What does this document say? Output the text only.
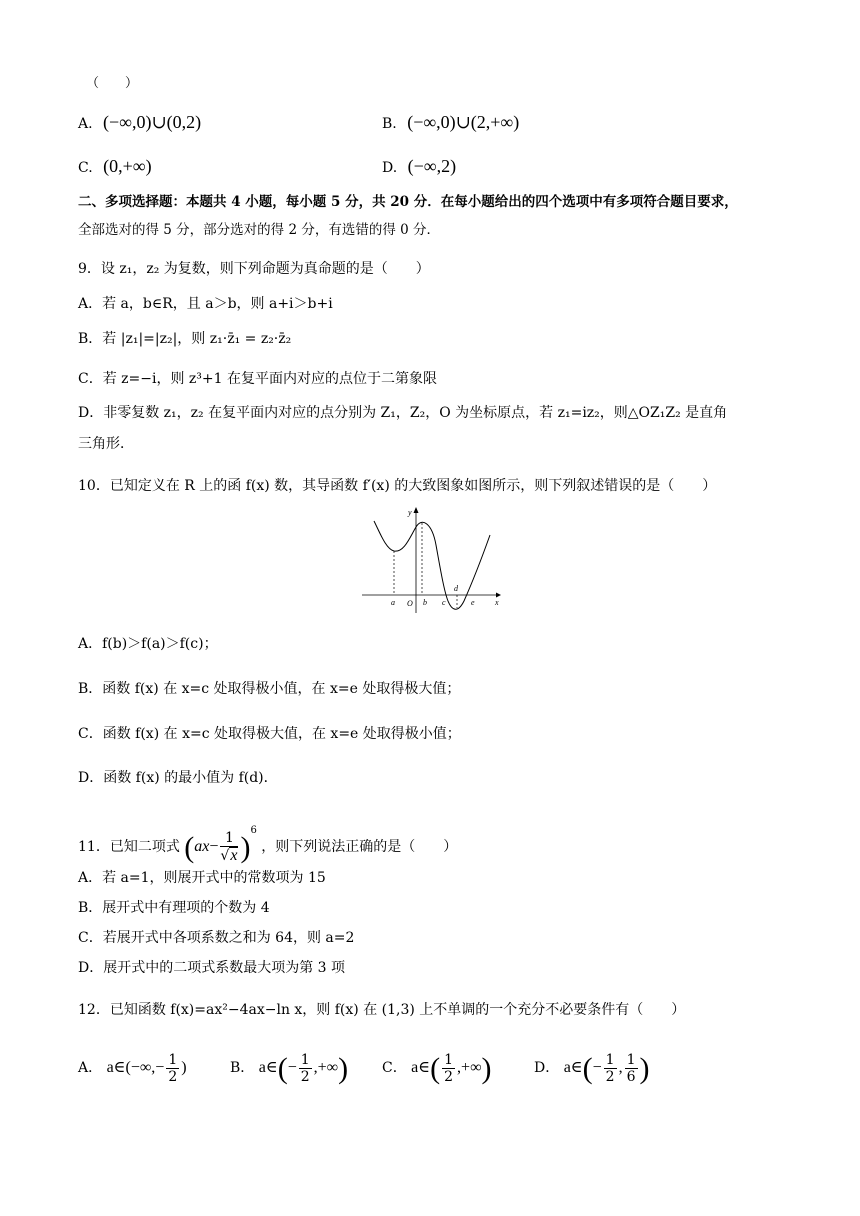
（　　）
A. (−∞,0)∪(0,2)	B. (−∞,0)∪(2,+∞)
C. (0,+∞)	D. (−∞,2)
二、多项选择题：本题共 4 小题，每小题 5 分，共 20 分．在每小题给出的四个选项中有多项符合题目要求，
全部选对的得 5 分，部分选对的得 2 分，有选错的得 0 分．
9．设 z₁，z₂ 为复数，则下列命题为真命题的是（　　）
A．若 a，b∈R，且 a＞b，则 a+i＞b+i
B．若 |z₁|=|z₂|，则 z₁·z̄₁ = z₂·z̄₂
C．若 z=−i，则 z³+1 在复平面内对应的点位于二第象限
D．非零复数 z₁，z₂ 在复平面内对应的点分别为 Z₁，Z₂，O 为坐标原点，若 z₁=iz₂，则△OZ₁Z₂ 是直角
三角形．
10．已知定义在 R 上的函 f(x) 数，其导函数 f′(x) 的大致图象如图所示，则下列叙述错误的是（　　）
y
x
a O b c
d
e
A．f(b)＞f(a)＞f(c)；
B．函数 f(x) 在 x=c 处取得极小值，在 x=e 处取得极大值；
C．函数 f(x) 在 x=c 处取得极大值，在 x=e 处取得极小值；
D．函数 f(x) 的最小值为 f(d)．
11．已知二项式 $(ax- \frac{1}{√x} )^6$ ，则下列说法正确的是（　　）
A．若 a=1，则展开式中的常数项为 15
B．展开式中有理项的个数为 4
C．若展开式中各项系数之和为 64，则 a=2
D．展开式中的二项式系数最大项为第 3 项
12．已知函数 f(x)=ax²−4ax−ln x，则 f(x) 在 (1,3) 上不单调的一个充分不必要条件有（　　）
A． a∈(−∞,− $\frac{1}{2}$ )	B． a∈(− $\frac{1}{2}$ ,+∞) C． a∈( $\frac{1}{2}$ ,+∞)	D． a∈(− $\frac{1}{2}$ , $\frac{1}{6}$ )
